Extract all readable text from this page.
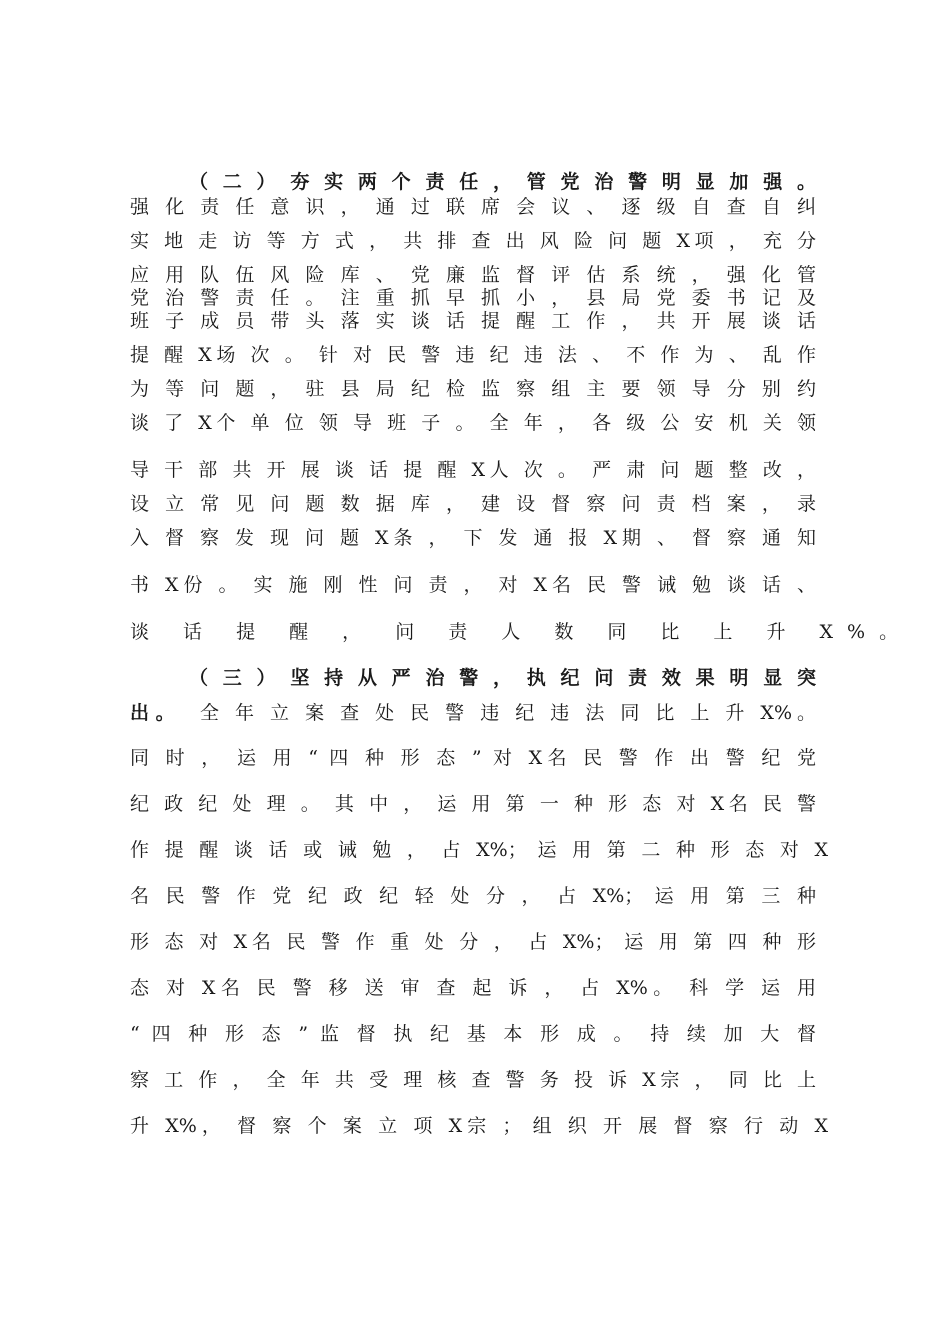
（ 二 ） 夯 实 两 个 责 任 ， 管 党 治 警 明 显 加 强 。
强 化 责 任 意 识 ， 通 过 联 席 会 议 、 逐 级 自 查 自 纠
实 地 走 访 等 方 式 ， 共 排 查 出 风 险 问 题 X项 ， 充 分
应 用 队 伍 风 险 库 、 党 廉 监 督 评 估 系 统 ， 强 化 管
党 治 警 责 任 。 注 重 抓 早 抓 小 ， 县 局 党 委 书 记 及
班 子 成 员 带 头 落 实 谈 话 提 醒 工 作 ， 共 开 展 谈 话
提 醒 X场 次 。 针 对 民 警 违 纪 违 法 、 不 作 为 、 乱 作
为 等 问 题 ， 驻 县 局 纪 检 监 察 组 主 要 领 导 分 别 约
谈 了 X个 单 位 领 导 班 子 。 全 年 ， 各 级 公 安 机 关 领
导 干 部 共 开 展 谈 话 提 醒 X人 次 。 严 肃 问 题 整 改 ，
设 立 常 见 问 题 数 据 库 ， 建 设 督 察 问 责 档 案 ， 录
入 督 察 发 现 问 题 X条 ， 下 发 通 报 X期 、 督 察 通 知
书 X份 。 实 施 刚 性 问 责 ， 对 X名 民 警 诫 勉 谈 话 、
谈 话 提 醒 ， 问 责 人 数 同 比 上 升 X%。
（ 三 ） 坚 持 从 严 治 警 ， 执 纪 问 责 效 果 明 显 突
出 。	全 年 立 案 查 处 民 警 违 纪 违 法 同 比 上 升 X%。
同 时 ， 运 用 “ 四 种 形 态 ” 对 X名 民 警 作 出 警 纪 党
纪 政 纪 处 理 。 其 中 ， 运 用 第 一 种 形 态 对 X名 民 警
作 提 醒 谈 话 或 诫 勉 ， 占 X%； 运 用 第 二 种 形 态 对 X
名 民 警 作 党 纪 政 纪 轻 处 分 ， 占 X%； 运 用 第 三 种
形 态 对 X名 民 警 作 重 处 分 ， 占 X%； 运 用 第 四 种 形
态 对 X名 民 警 移 送 审 查 起 诉 ， 占 X%。 科 学 运 用
“ 四 种 形 态 ” 监 督 执 纪 基 本 形 成 。 持 续 加 大 督
察 工 作 ， 全 年 共 受 理 核 查 警 务 投 诉 X宗 ， 同 比 上
升 X%， 督 察 个 案 立 项 X宗 ； 组 织 开 展 督 察 行 动 X
